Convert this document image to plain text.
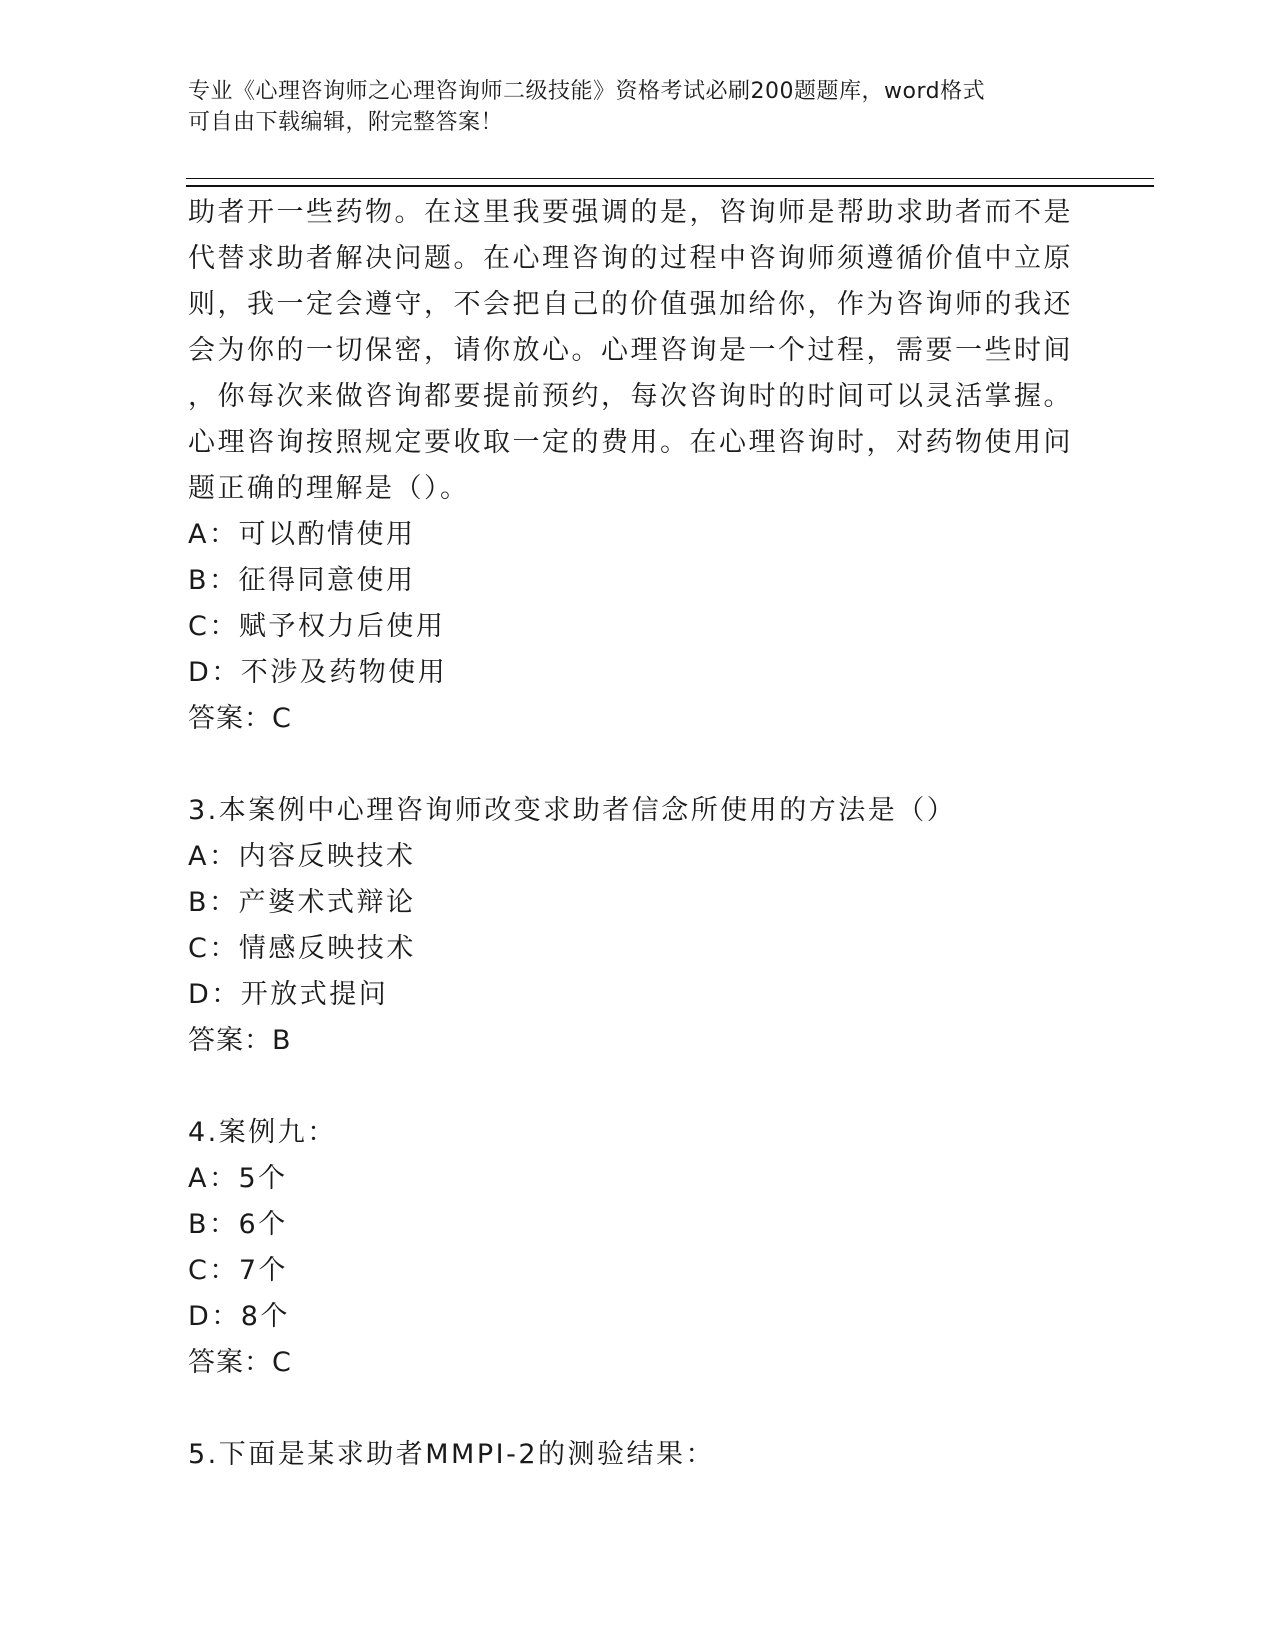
专业《心理咨询师之心理咨询师二级技能》资格考试必刷200题题库，word格式
可自由下载编辑，附完整答案！
助者开一些药物。在这里我要强调的是，咨询师是帮助求助者而不是
代替求助者解决问题。在心理咨询的过程中咨询师须遵循价值中立原
则，我一定会遵守，不会把自己的价值强加给你，作为咨询师的我还
会为你的一切保密，请你放心。心理咨询是一个过程，需要一些时间
，你每次来做咨询都要提前预约，每次咨询时的时间可以灵活掌握。
心理咨询按照规定要收取一定的费用。在心理咨询时，对药物使用问
题正确的理解是（）。
A：可以酌情使用
B：征得同意使用
C：赋予权力后使用
D：不涉及药物使用
答案：C
3.本案例中心理咨询师改变求助者信念所使用的方法是（）
A：内容反映技术
B：产婆术式辩论
C：情感反映技术
D：开放式提问
答案：B
4.案例九：
A：5个
B：6个
C：7个
D：8个
答案：C
5.下面是某求助者MMPI-2的测验结果：
